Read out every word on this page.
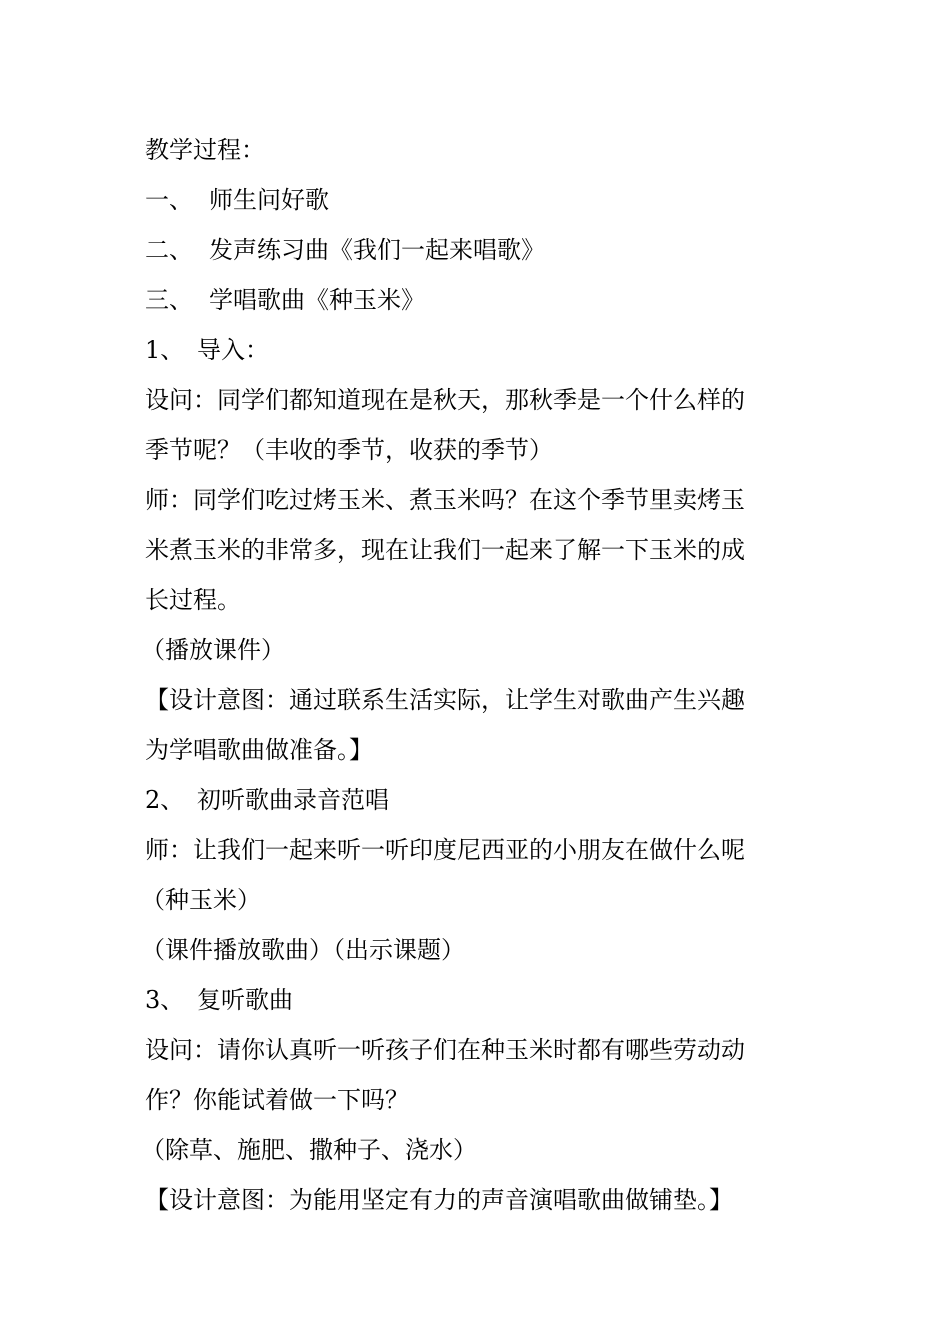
教学过程：
一、 师生问好歌
二、 发声练习曲《我们一起来唱歌》
三、 学唱歌曲《种玉米》
1、 导入：
设问：同学们都知道现在是秋天，那秋季是一个什么样的
季节呢？（丰收的季节，收获的季节）
师：同学们吃过烤玉米、煮玉米吗？在这个季节里卖烤玉
米煮玉米的非常多，现在让我们一起来了解一下玉米的成
长过程。
（播放课件）
【设计意图：通过联系生活实际，让学生对歌曲产生兴趣
为学唱歌曲做准备。】
2、 初听歌曲录音范唱
师：让我们一起来听一听印度尼西亚的小朋友在做什么呢
（种玉米）
（课件播放歌曲）（出示课题）
3、 复听歌曲
设问：请你认真听一听孩子们在种玉米时都有哪些劳动动
作？你能试着做一下吗？
（除草、施肥、撒种子、浇水）
【设计意图：为能用坚定有力的声音演唱歌曲做铺垫。】
